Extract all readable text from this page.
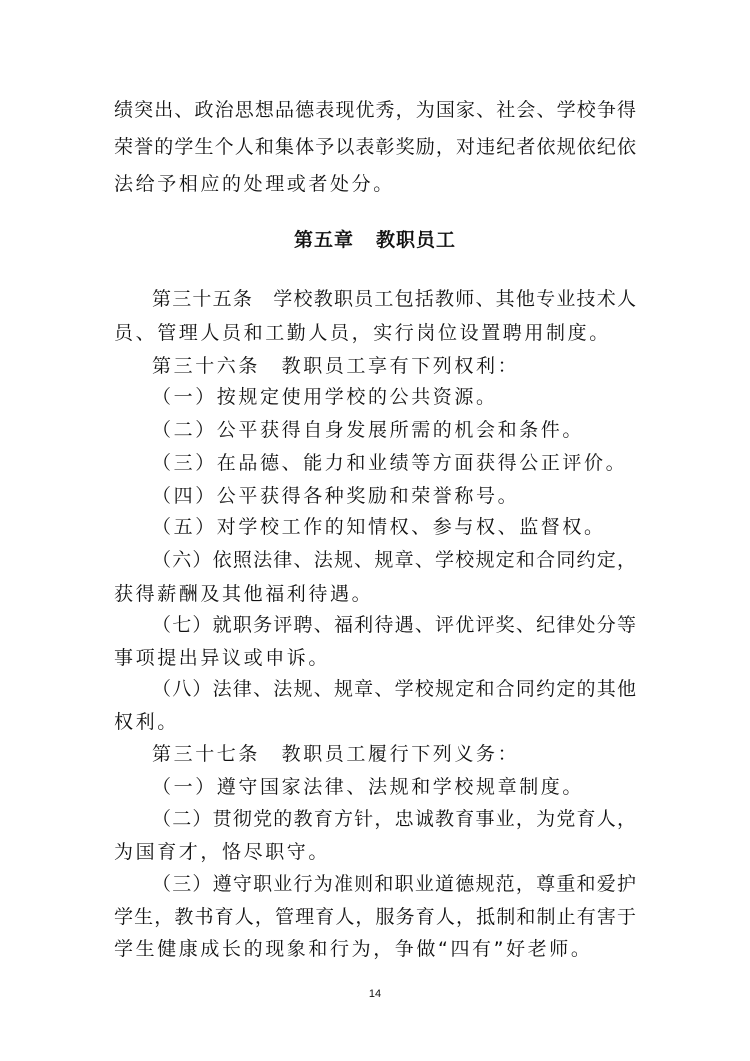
绩突出、政治思想品德表现优秀，为国家、社会、学校争得
荣誉的学生个人和集体予以表彰奖励，对违纪者依规依纪依
法给予相应的处理或者处分。
第五章 教职员工
第三十五条　学校教职员工包括教师、其他专业技术人
员、管理人员和工勤人员，实行岗位设置聘用制度。
第三十六条　教职员工享有下列权利：
（一）按规定使用学校的公共资源。
（二）公平获得自身发展所需的机会和条件。
（三）在品德、能力和业绩等方面获得公正评价。
（四）公平获得各种奖励和荣誉称号。
（五）对学校工作的知情权、参与权、监督权。
（六）依照法律、法规、规章、学校规定和合同约定，
获得薪酬及其他福利待遇。
（七）就职务评聘、福利待遇、评优评奖、纪律处分等
事项提出异议或申诉。
（八）法律、法规、规章、学校规定和合同约定的其他
权利。
第三十七条　教职员工履行下列义务：
（一）遵守国家法律、法规和学校规章制度。
（二）贯彻党的教育方针，忠诚教育事业，为党育人，
为国育才，恪尽职守。
（三）遵守职业行为准则和职业道德规范，尊重和爱护
学生，教书育人，管理育人，服务育人，抵制和制止有害于
学生健康成长的现象和行为，争做“四有”好老师。
14
